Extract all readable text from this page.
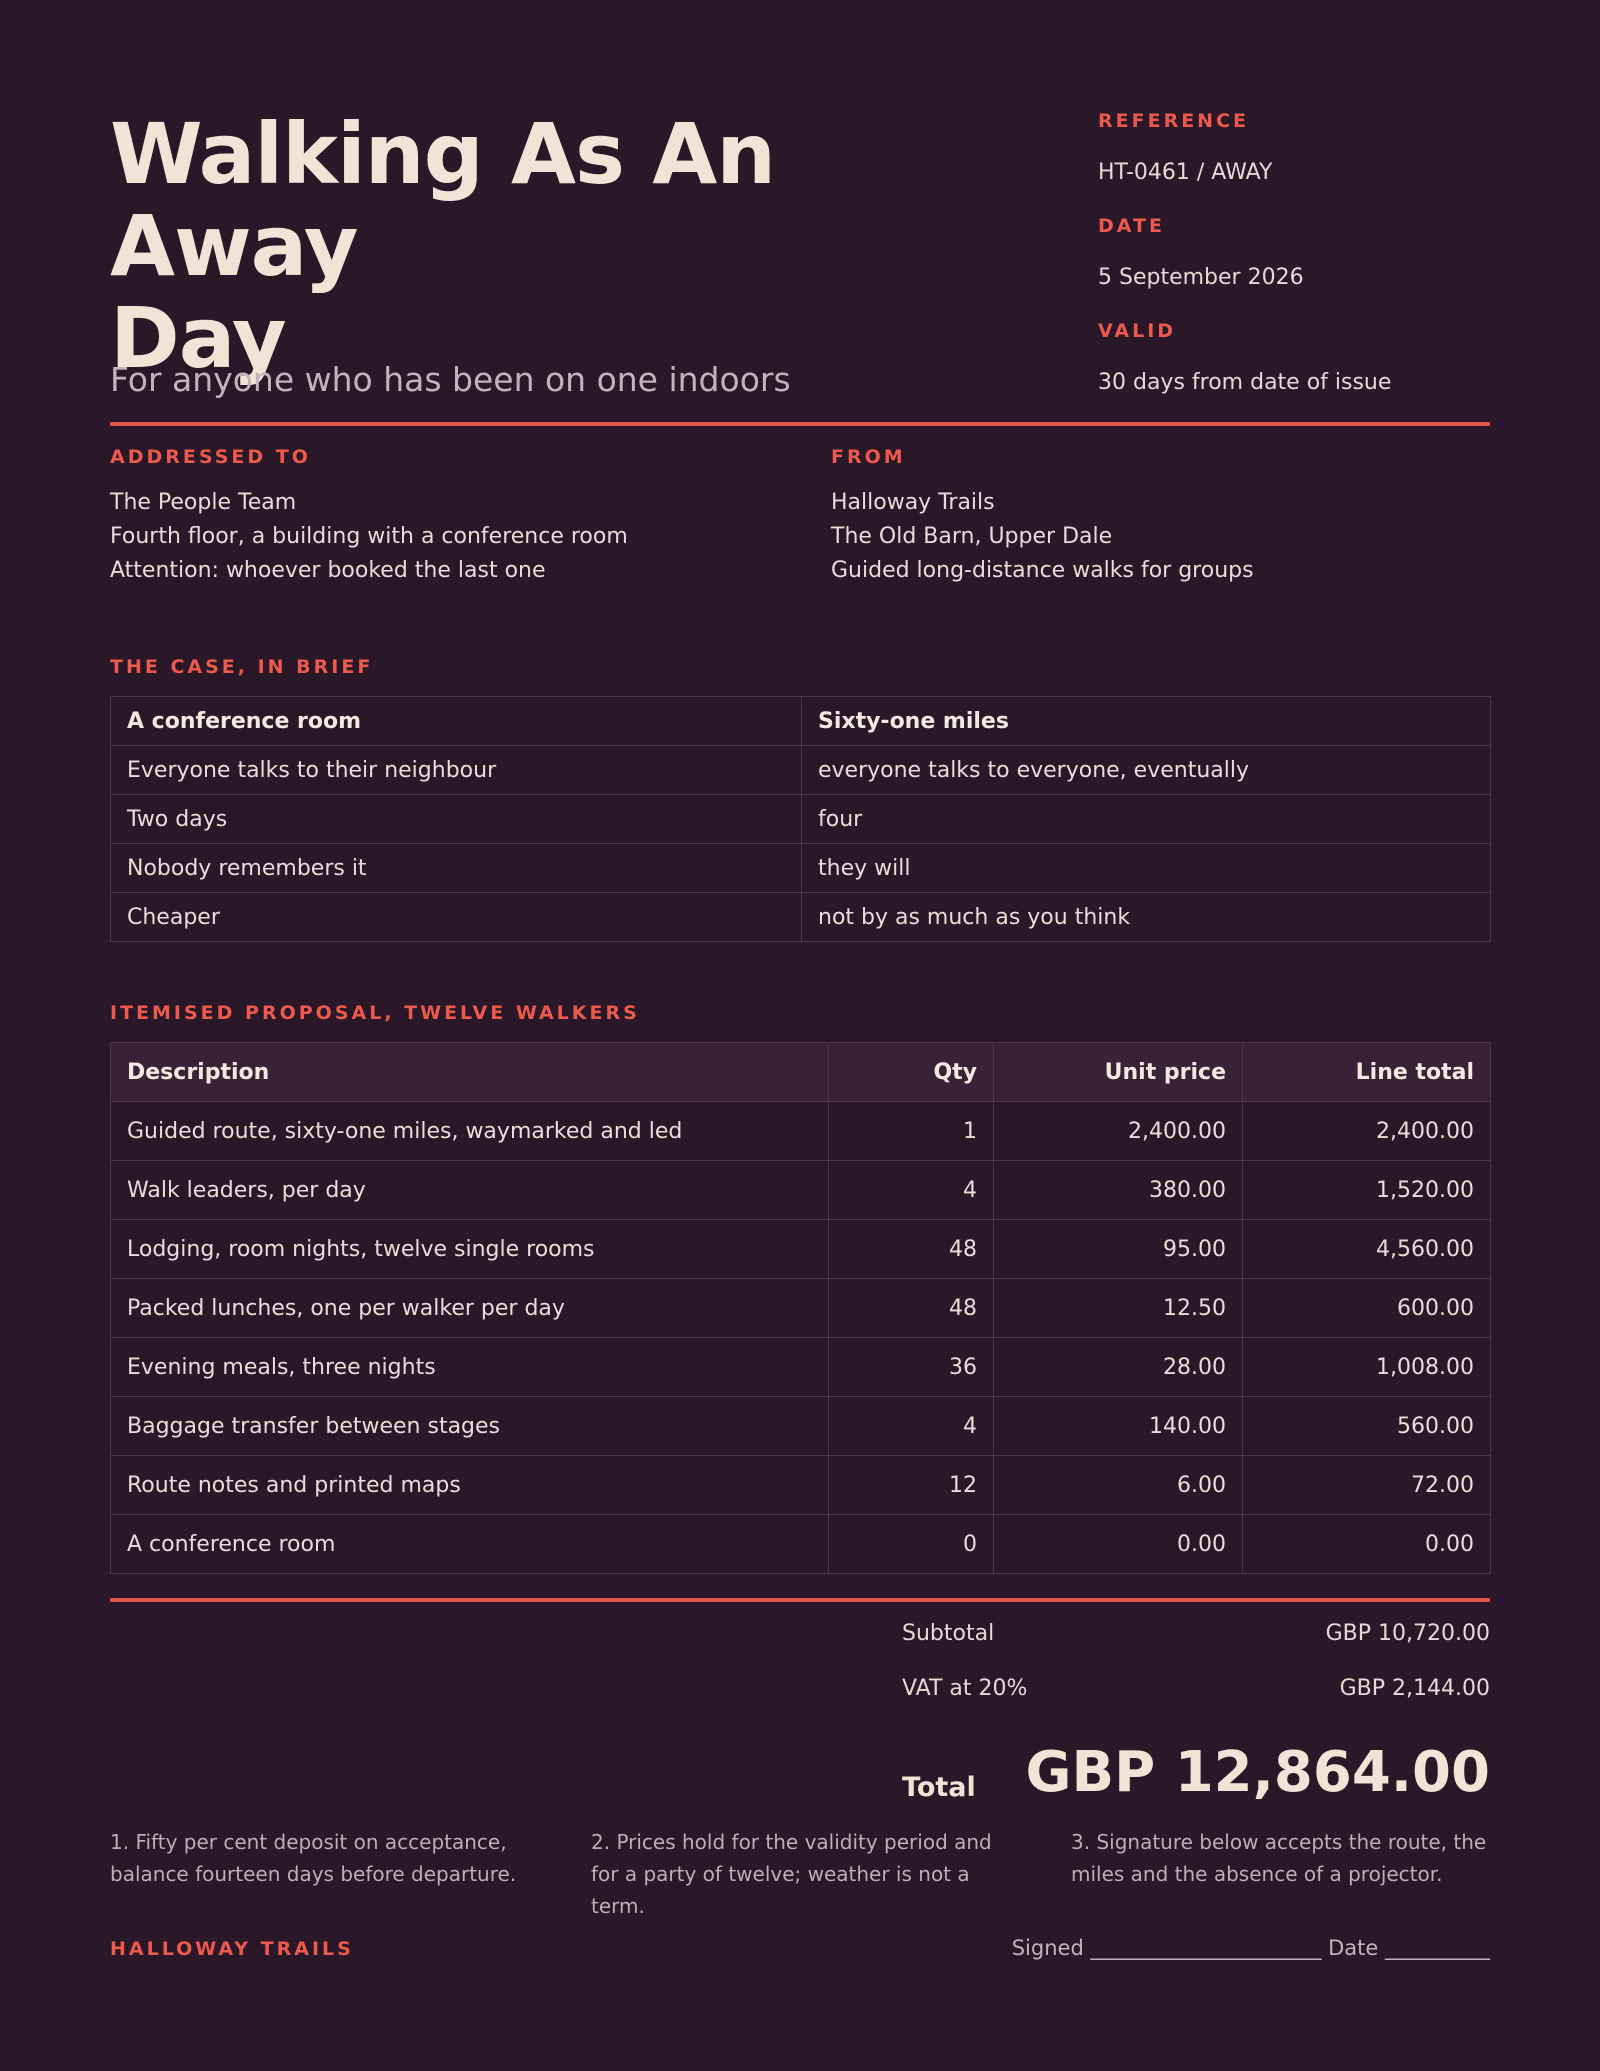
Walking As An Away
Day

For anyone who has been on one indoors

REFERENCE
HT-0461 / AWAY
DATE
5 September 2026
VALID
30 days from date of issue
ADDRESSED TO
The People Team
Fourth floor, a building with a conference room
Attention: whoever booked the last one
FROM
Halloway Trails
The Old Barn, Upper Dale
Guided long-distance walks for groups
THE CASE, IN BRIEF
A conference room	Sixty-one miles
Everyone talks to their neighbour	everyone talks to everyone, eventually
Two days	four
Nobody remembers it	they will
Cheaper	not by as much as you think
ITEMISED PROPOSAL, TWELVE WALKERS
Description	Qty	Unit price	Line total
Guided route, sixty-one miles, waymarked and led	1	2,400.00	2,400.00
Walk leaders, per day	4	380.00	1,520.00
Lodging, room nights, twelve single rooms	48	95.00	4,560.00
Packed lunches, one per walker per day	48	12.50	600.00
Evening meals, three nights	36	28.00	1,008.00
Baggage transfer between stages	4	140.00	560.00
Route notes and printed maps	12	6.00	72.00
A conference room	0	0.00	0.00
Subtotal	GBP 10,720.00
VAT at 20%	GBP 2,144.00
Total GBP 12,864.00
1. Fifty per cent deposit on acceptance, balance fourteen days before departure.
2. Prices hold for the validity period and for a party of twelve; weather is not a term.
3. Signature below accepts the route, the miles and the absence of a projector.
HALLOWAY TRAILS	Signed ______________________ Date __________
